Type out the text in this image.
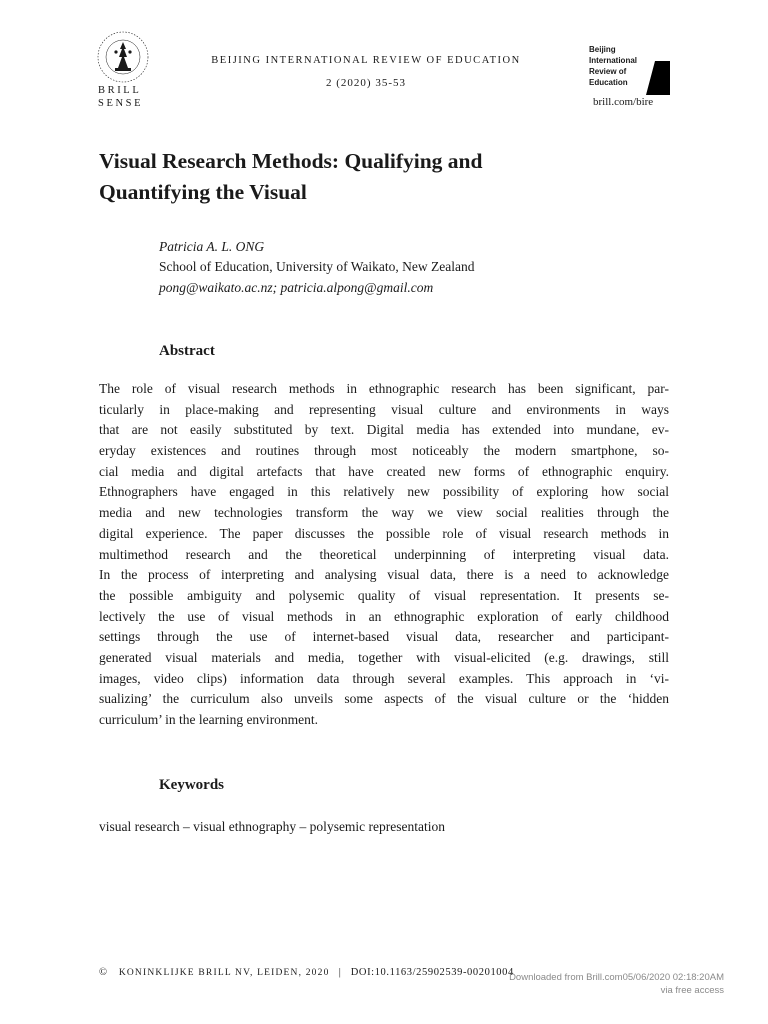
BRILL
SENSE
BEIJING INTERNATIONAL REVIEW OF EDUCATION
2 (2020) 35-53
Beijing
International
Review of
Education
brill.com/bire
Visual Research Methods: Qualifying and
Quantifying the Visual
Patricia A. L. ONG
School of Education, University of Waikato, New Zealand
pong@waikato.ac.nz; patricia.alpong@gmail.com
Abstract
The role of visual research methods in ethnographic research has been significant, par-
ticularly in place-making and representing visual culture and environments in ways
that are not easily substituted by text. Digital media has extended into mundane, ev-
eryday existences and routines through most noticeably the modern smartphone, so-
cial media and digital artefacts that have created new forms of ethnographic enquiry.
Ethnographers have engaged in this relatively new possibility of exploring how social
media and new technologies transform the way we view social realities through the
digital experience. The paper discusses the possible role of visual research methods in
multimethod research and the theoretical underpinning of interpreting visual data.
In the process of interpreting and analysing visual data, there is a need to acknowledge
the possible ambiguity and polysemic quality of visual representation. It presents se-
lectively the use of visual methods in an ethnographic exploration of early childhood
settings through the use of internet-based visual data, researcher and participant-
generated visual materials and media, together with visual-elicited (e.g. drawings, still
images, video clips) information data through several examples. This approach in ‘vi-
sualizing’ the curriculum also unveils some aspects of the visual culture or the ‘hidden
curriculum’ in the learning environment.
Keywords
visual research – visual ethnography – polysemic representation
© KONINKLIJKE BRILL NV, LEIDEN, 2020 | DOI:10.1163/25902539-00201004
Downloaded from Brill.com05/06/2020 02:18:20AM
via free access
